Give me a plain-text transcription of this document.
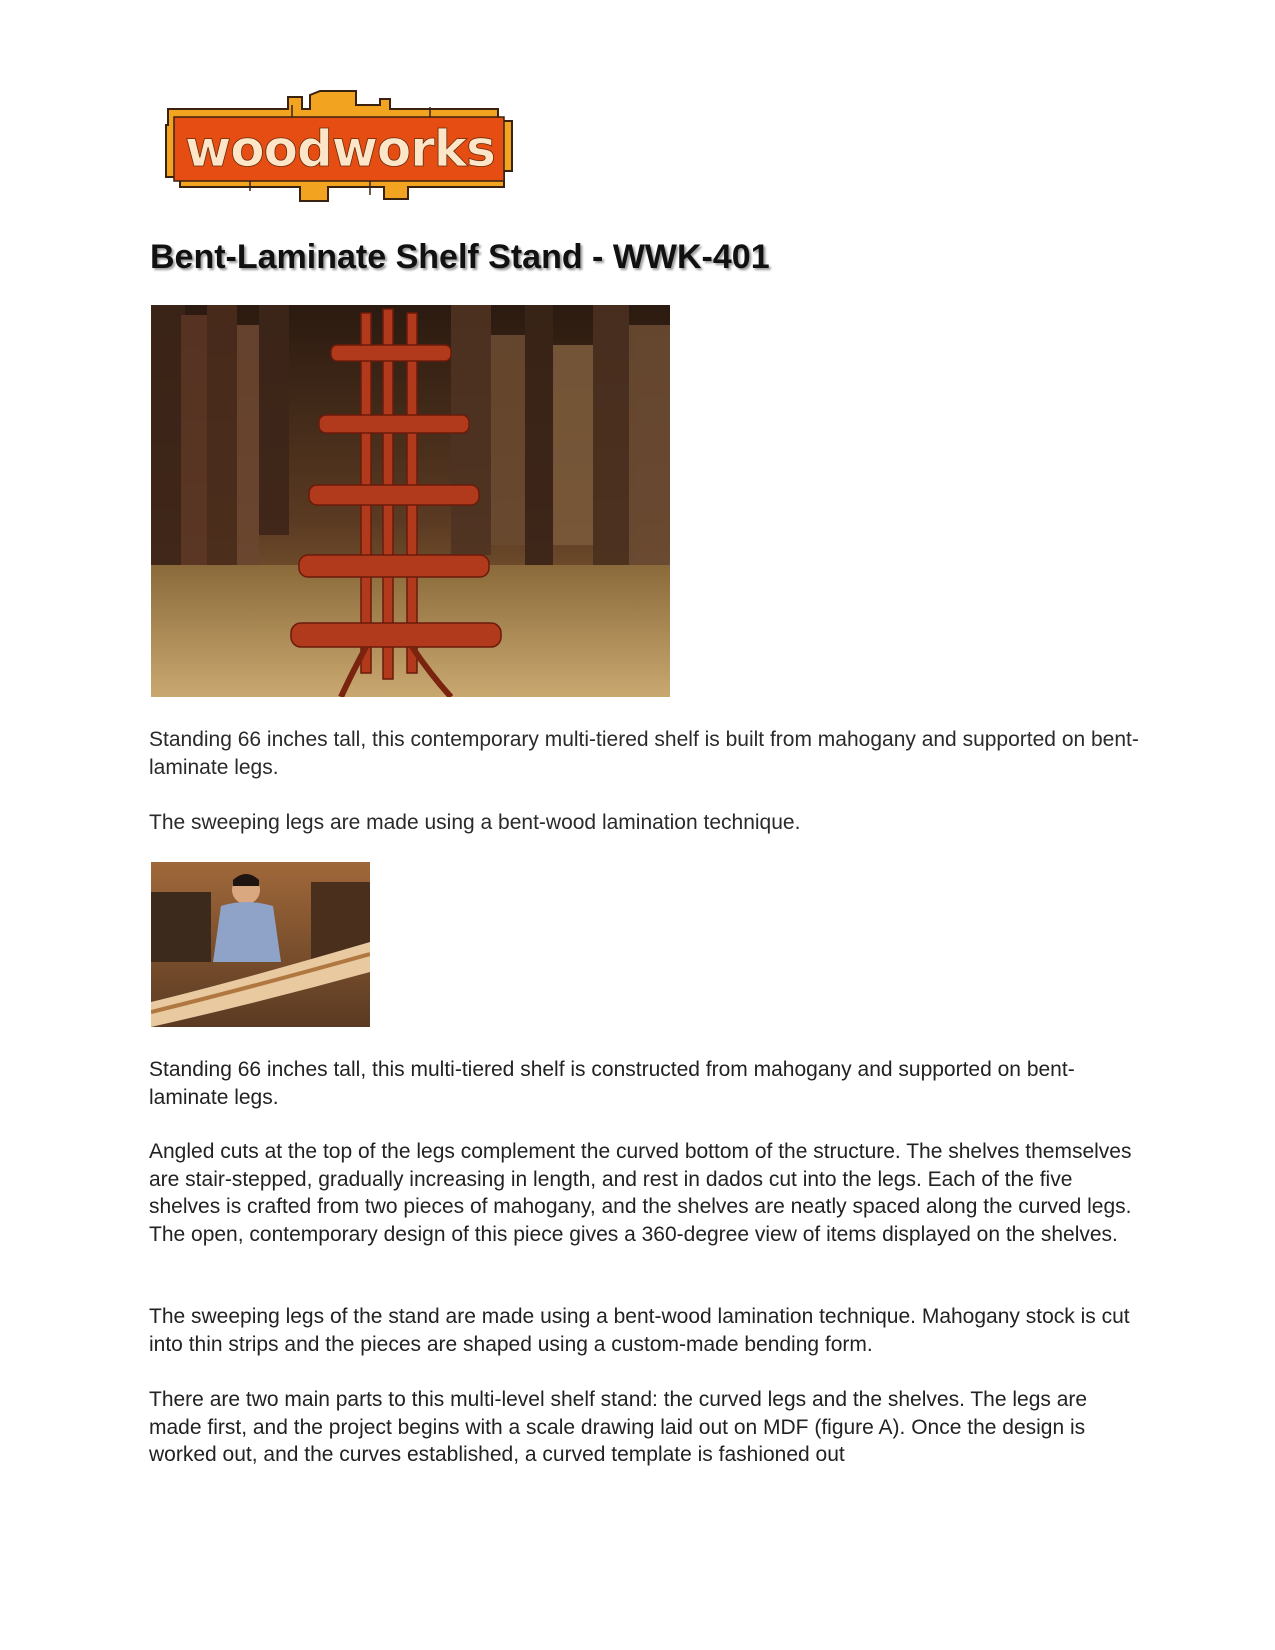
woodworks
Bent-Laminate Shelf Stand - WWK-401

Standing 66 inches tall, this contemporary multi-tiered shelf is built from mahogany and supported on bent-laminate legs.

The sweeping legs are made using a bent-wood lamination technique.

Standing 66 inches tall, this multi-tiered shelf is constructed from mahogany and supported on bent-laminate legs.

Angled cuts at the top of the legs complement the curved bottom of the structure. The shelves themselves are stair-stepped, gradually increasing in length, and rest in dados cut into the legs. Each of the five shelves is crafted from two pieces of mahogany, and the shelves are neatly spaced along the curved legs. The open, contemporary design of this piece gives a 360-degree view of items displayed on the shelves.

The sweeping legs of the stand are made using a bent-wood lamination technique. Mahogany stock is cut into thin strips and the pieces are shaped using a custom-made bending form.

There are two main parts to this multi-level shelf stand: the curved legs and the shelves. The legs are made first, and the project begins with a scale drawing laid out on MDF (figure A). Once the design is worked out, and the curves established, a curved template is fashioned out
